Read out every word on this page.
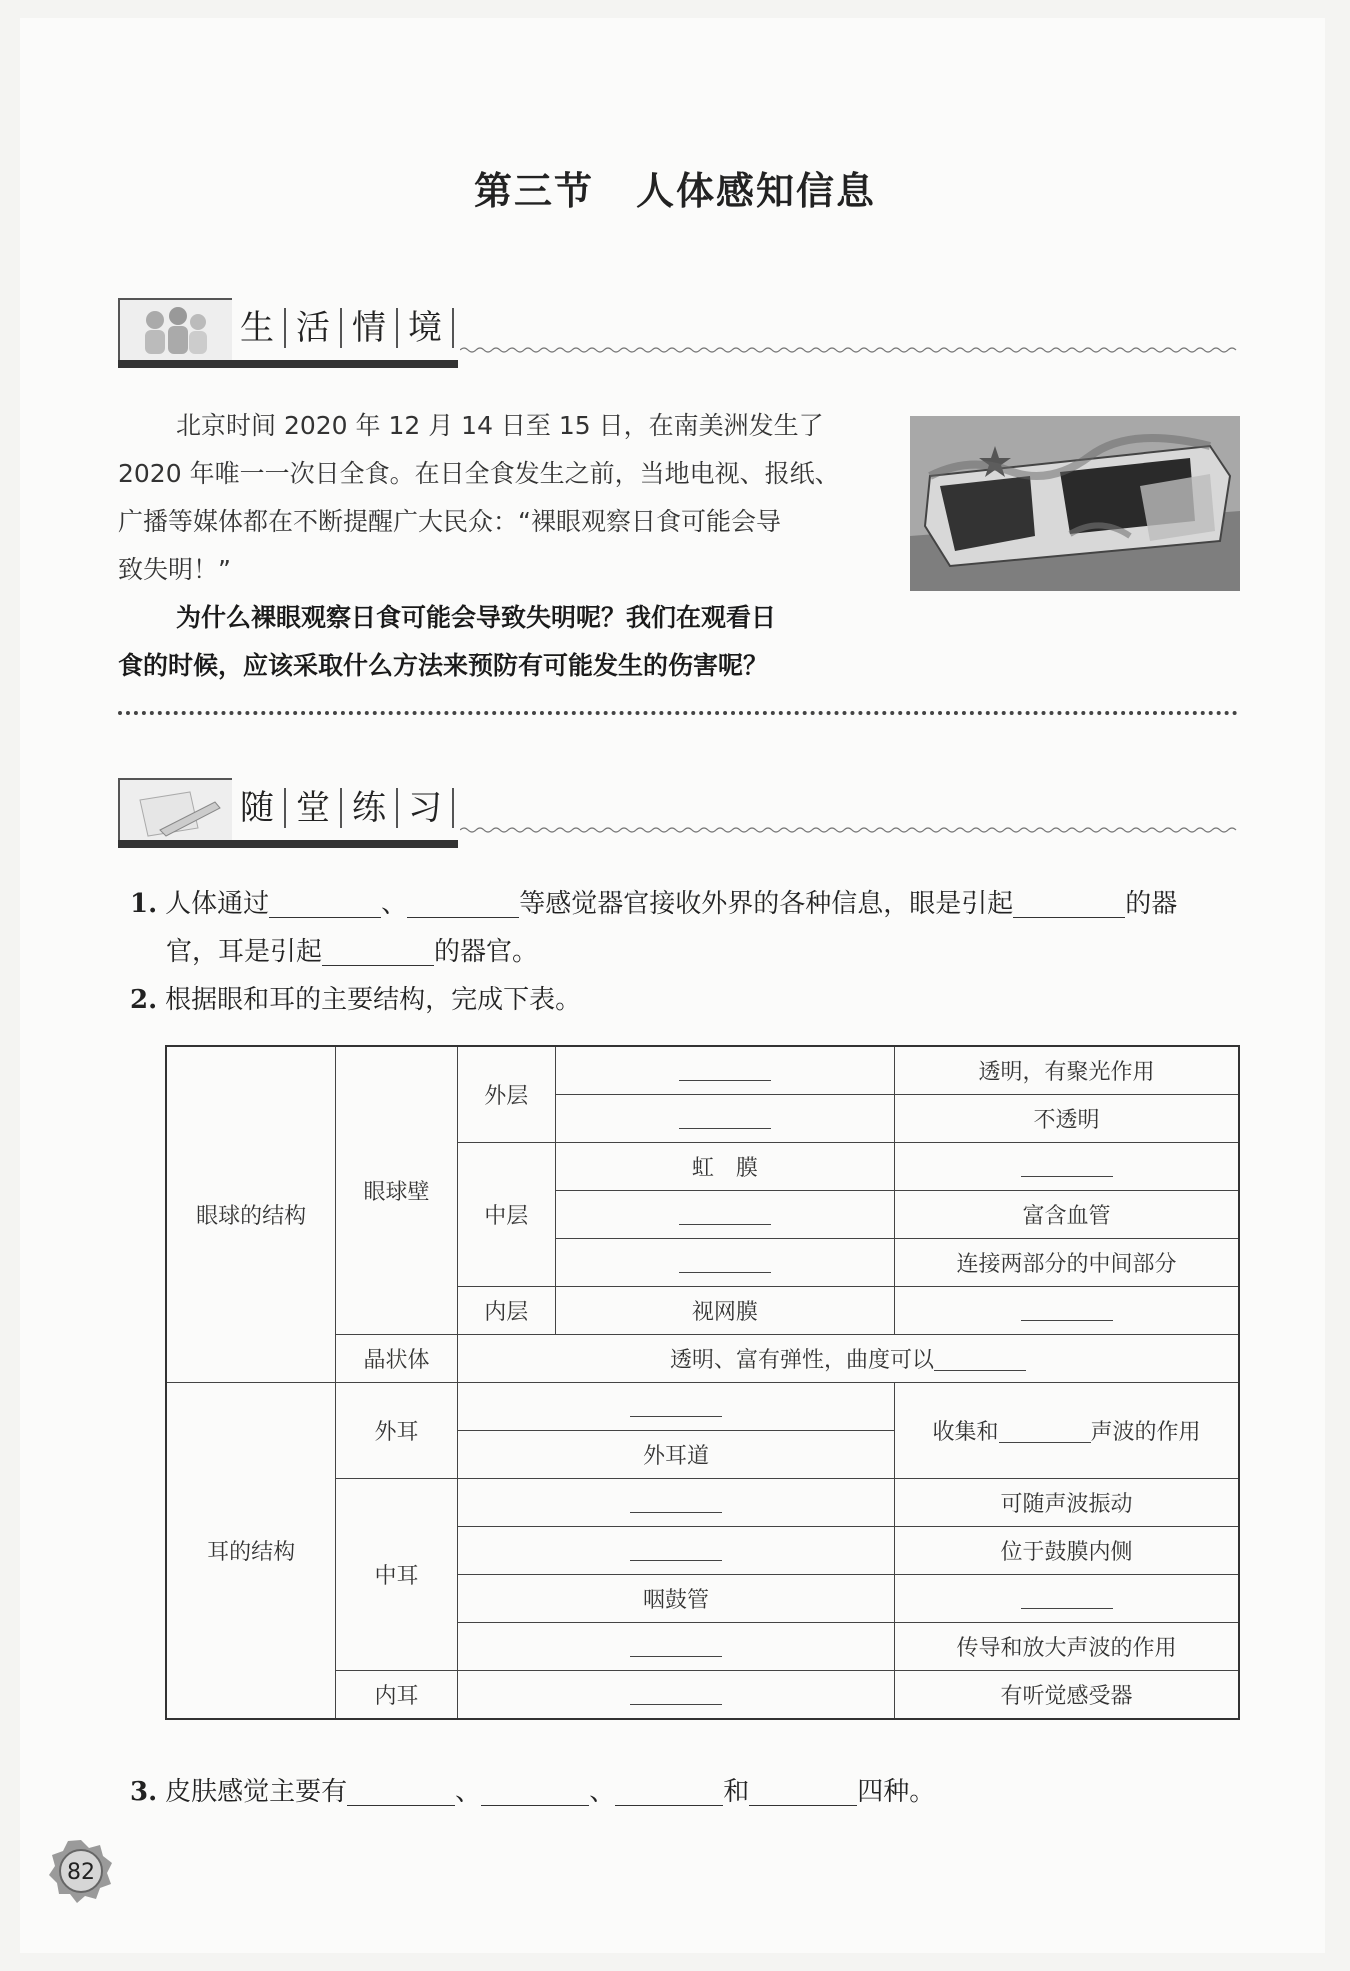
第三节 人体感知信息
生 活 情 境
北京时间 2020 年 12 月 14 日至 15 日，在南美洲发生了
2020 年唯一一次日全食。在日全食发生之前，当地电视、报纸、
广播等媒体都在不断提醒广大民众：“裸眼观察日食可能会导
致失明！”
为什么裸眼观察日食可能会导致失明呢？我们在观看日
食的时候，应该采取什么方法来预防有可能发生的伤害呢？
随 堂 练 习
1. 人体通过	、	等感觉器官接收外界的各种信息，眼是引起	的器
官，耳是引起	的器官。
2. 根据眼和耳的主要结构，完成下表。
眼球的结构	眼球壁	外层		透明，有聚光作用
				不透明
		中层	虹　膜	
				富含血管
				连接两部分的中间部分
		内层	视网膜	
	晶状体	透明、富有弹性，曲度可以		
耳的结构	外耳			收集和 声波的作用
		外耳道		
	中耳			可随声波振动
				位于鼓膜内侧
		咽鼓管		
				传导和放大声波的作用
	内耳			有听觉感受器
3. 皮肤感觉主要有	、	、	和	四种。
82
